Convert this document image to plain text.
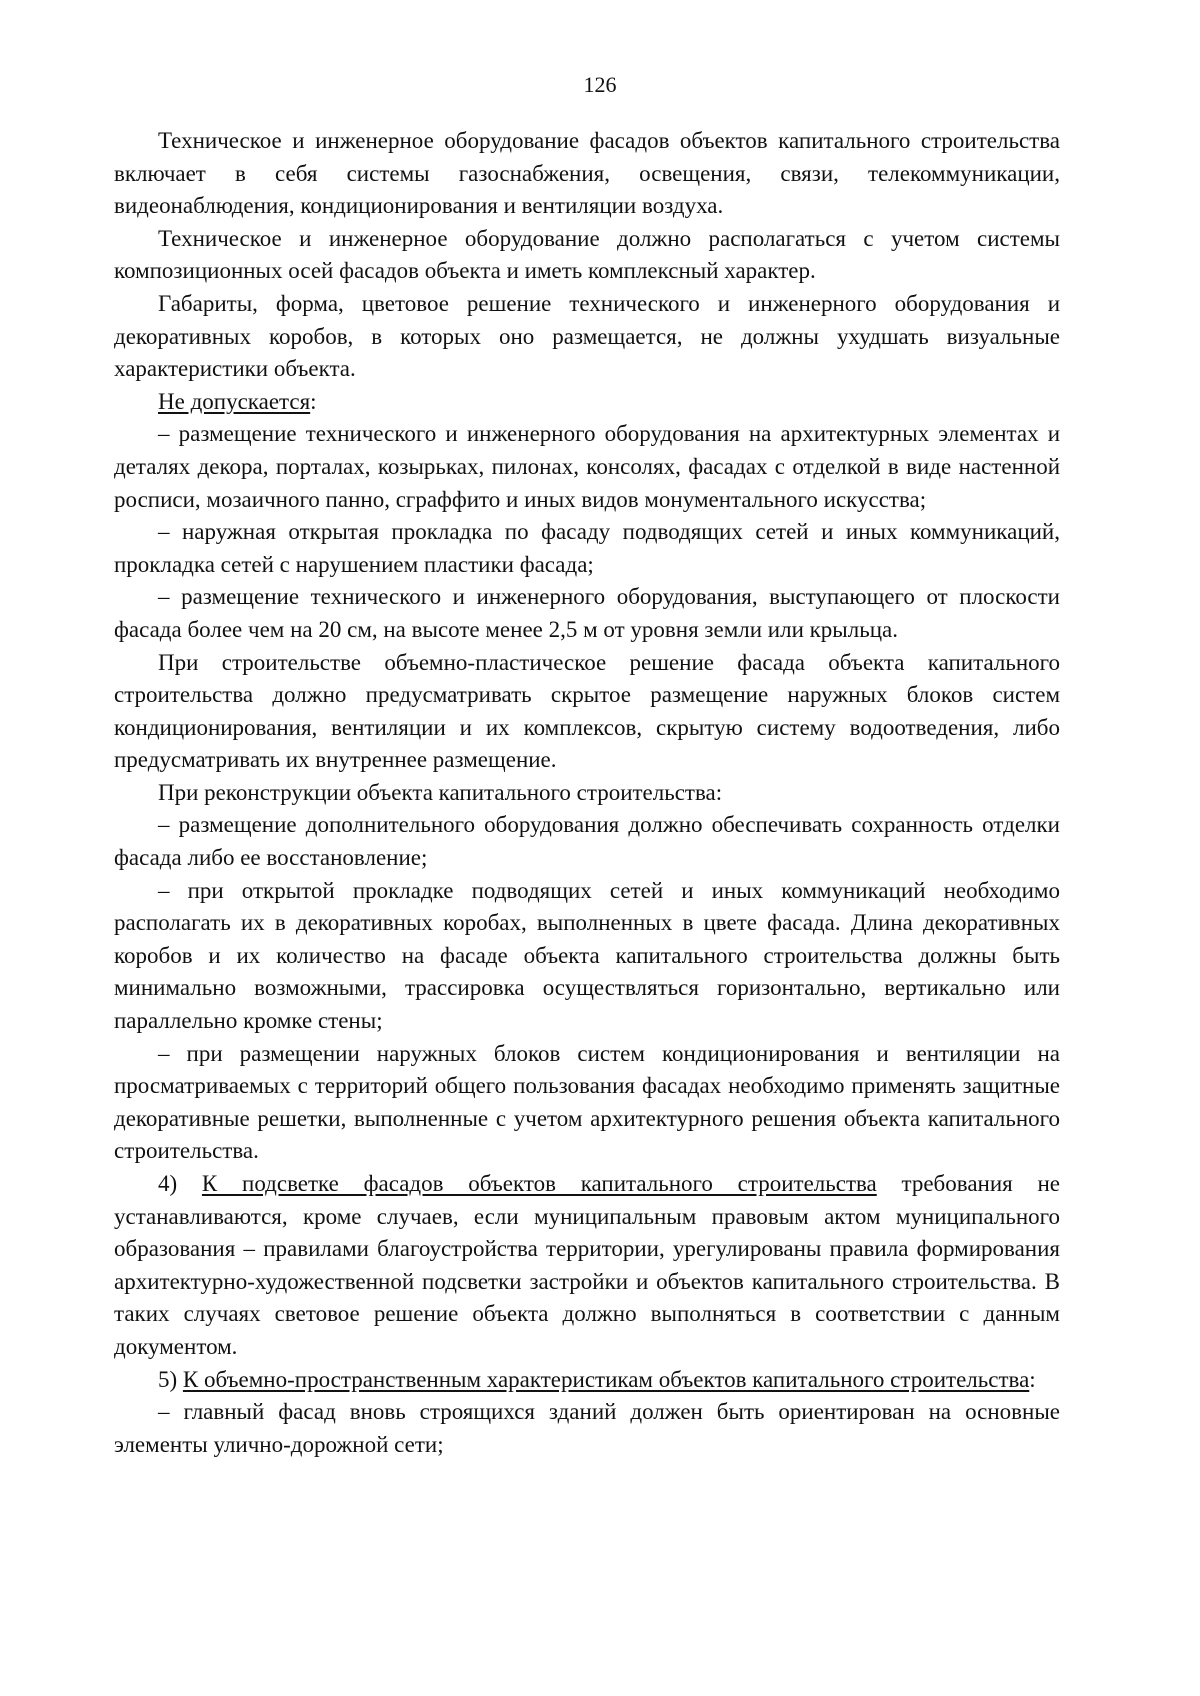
126

Техническое и инженерное оборудование фасадов объектов капитального строительства включает в себя системы газоснабжения, освещения, связи, телекоммуникации, видеонаблюдения, кондиционирования и вентиляции воздуха.

Техническое и инженерное оборудование должно располагаться с учетом системы композиционных осей фасадов объекта и иметь комплексный характер.

Габариты, форма, цветовое решение технического и инженерного оборудования и декоративных коробов, в которых оно размещается, не должны ухудшать визуальные характеристики объекта.

Не допускается:

– размещение технического и инженерного оборудования на архитектурных элементах и деталях декора, порталах, козырьках, пилонах, консолях, фасадах с отделкой в виде настенной росписи, мозаичного панно, сграффито и иных видов монументального искусства;

– наружная открытая прокладка по фасаду подводящих сетей и иных коммуникаций, прокладка сетей с нарушением пластики фасада;

– размещение технического и инженерного оборудования, выступающего от плоскости фасада более чем на 20 см, на высоте менее 2,5 м от уровня земли или крыльца.

При строительстве объемно-пластическое решение фасада объекта капитального строительства должно предусматривать скрытое размещение наружных блоков систем кондиционирования, вентиляции и их комплексов, скрытую систему водоотведения, либо предусматривать их внутреннее размещение.

При реконструкции объекта капитального строительства:

– размещение дополнительного оборудования должно обеспечивать сохранность отделки фасада либо ее восстановление;

– при открытой прокладке подводящих сетей и иных коммуникаций необходимо располагать их в декоративных коробах, выполненных в цвете фасада. Длина декоративных коробов и их количество на фасаде объекта капитального строительства должны быть минимально возможными, трассировка осуществляться горизонтально, вертикально или параллельно кромке стены;

– при размещении наружных блоков систем кондиционирования и вентиляции на просматриваемых с территорий общего пользования фасадах необходимо применять защитные декоративные решетки, выполненные с учетом архитектурного решения объекта капитального строительства.

4) К подсветке фасадов объектов капитального строительства требования не устанавливаются, кроме случаев, если муниципальным правовым актом муниципального образования – правилами благоустройства территории, урегулированы правила формирования архитектурно-художественной подсветки застройки и объектов капитального строительства. В таких случаях световое решение объекта должно выполняться в соответствии с данным документом.

5) К объемно-пространственным характеристикам объектов капитального строительства:

– главный фасад вновь строящихся зданий должен быть ориентирован на основные элементы улично-дорожной сети;
